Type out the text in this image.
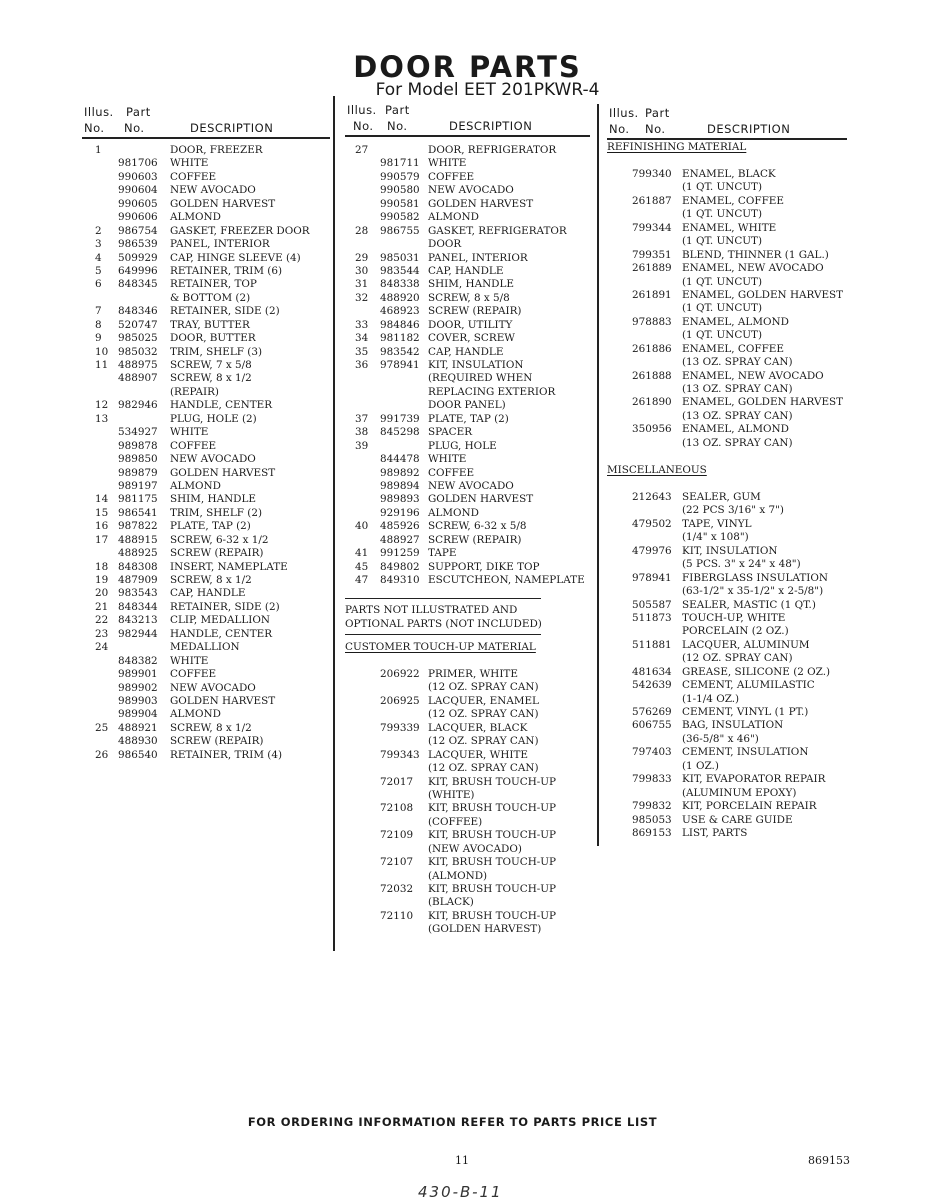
DOOR PARTS
For Model EET 201PKWR-4
Illus. Part
No. No.	DESCRIPTION
1	DOOR, FREEZER
981706 WHITE
990603 COFFEE
990604 NEW AVOCADO
990605 GOLDEN HARVEST
990606 ALMOND
2 986754 GASKET, FREEZER DOOR
3 986539 PANEL, INTERIOR
4 509929 CAP, HINGE SLEEVE (4)
5 649996 RETAINER, TRIM (6)
6 848345 RETAINER, TOP
& BOTTOM (2)
7 848346 RETAINER, SIDE (2)
8 520747 TRAY, BUTTER
9 985025 DOOR, BUTTER
10 985032 TRIM, SHELF (3)
11 488975 SCREW, 7 x 5/8
488907 SCREW, 8 x 1/2
(REPAIR)
12 982946 HANDLE, CENTER
13	PLUG, HOLE (2)
534927 WHITE
989878 COFFEE
989850 NEW AVOCADO
989879 GOLDEN HARVEST
989197 ALMOND
14 981175 SHIM, HANDLE
15 986541 TRIM, SHELF (2)
16 987822 PLATE, TAP (2)
17 488915 SCREW, 6-32 x 1/2
488925 SCREW (REPAIR)
18 848308 INSERT, NAMEPLATE
19 487909 SCREW, 8 x 1/2
20 983543 CAP, HANDLE
21 848344 RETAINER, SIDE (2)
22 843213 CLIP, MEDALLION
23 982944 HANDLE, CENTER
24	MEDALLION
848382 WHITE
989901 COFFEE
989902 NEW AVOCADO
989903 GOLDEN HARVEST
989904 ALMOND
25 488921 SCREW, 8 x 1/2
488930 SCREW (REPAIR)
26 986540 RETAINER, TRIM (4)
Illus. Part
No. No.	DESCRIPTION
27	DOOR, REFRIGERATOR
981711 WHITE
990579 COFFEE
990580 NEW AVOCADO
990581 GOLDEN HARVEST
990582 ALMOND
28 986755 GASKET, REFRIGERATOR
DOOR
29 985031 PANEL, INTERIOR
30 983544 CAP, HANDLE
31 848338 SHIM, HANDLE
32 488920 SCREW, 8 x 5/8
468923 SCREW (REPAIR)
33 984846 DOOR, UTILITY
34 981182 COVER, SCREW
35 983542 CAP, HANDLE
36 978941 KIT, INSULATION
(REQUIRED WHEN
REPLACING EXTERIOR
DOOR PANEL)
37 991739 PLATE, TAP (2)
38 845298 SPACER
39	PLUG, HOLE
844478 WHITE
989892 COFFEE
989894 NEW AVOCADO
989893 GOLDEN HARVEST
929196 ALMOND
40 485926 SCREW, 6-32 x 5/8
488927 SCREW (REPAIR)
41 991259 TAPE
45 849802 SUPPORT, DIKE TOP
47 849310 ESCUTCHEON, NAMEPLATE
PARTS NOT ILLUSTRATED AND
OPTIONAL PARTS (NOT INCLUDED)
CUSTOMER TOUCH-UP MATERIAL
206922 PRIMER, WHITE
(12 OZ. SPRAY CAN)
206925 LACQUER, ENAMEL
(12 OZ. SPRAY CAN)
799339 LACQUER, BLACK
(12 OZ. SPRAY CAN)
799343 LACQUER, WHITE
(12 OZ. SPRAY CAN)
72017 KIT, BRUSH TOUCH-UP
(WHITE)
72108 KIT, BRUSH TOUCH-UP
(COFFEE)
72109 KIT, BRUSH TOUCH-UP
(NEW AVOCADO)
72107 KIT, BRUSH TOUCH-UP
(ALMOND)
72032 KIT, BRUSH TOUCH-UP
(BLACK)
72110 KIT, BRUSH TOUCH-UP
(GOLDEN HARVEST)
Illus. Part
No. No.	DESCRIPTION
REFINISHING MATERIAL
799340 ENAMEL, BLACK
(1 QT. UNCUT)
261887 ENAMEL, COFFEE
(1 QT. UNCUT)
799344 ENAMEL, WHITE
(1 QT. UNCUT)
799351 BLEND, THINNER (1 GAL.)
261889 ENAMEL, NEW AVOCADO
(1 QT. UNCUT)
261891 ENAMEL, GOLDEN HARVEST
(1 QT. UNCUT)
978883 ENAMEL, ALMOND
(1 QT. UNCUT)
261886 ENAMEL, COFFEE
(13 OZ. SPRAY CAN)
261888 ENAMEL, NEW AVOCADO
(13 OZ. SPRAY CAN)
261890 ENAMEL, GOLDEN HARVEST
(13 OZ. SPRAY CAN)
350956 ENAMEL, ALMOND
(13 OZ. SPRAY CAN)
MISCELLANEOUS
212643 SEALER, GUM
(22 PCS 3/16" x 7")
479502 TAPE, VINYL
(1/4" x 108")
479976 KIT, INSULATION
(5 PCS. 3" x 24" x 48")
978941 FIBERGLASS INSULATION
(63-1/2" x 35-1/2" x 2-5/8")
505587 SEALER, MASTIC (1 QT.)
511873 TOUCH-UP, WHITE
PORCELAIN (2 OZ.)
511881 LACQUER, ALUMINUM
(12 OZ. SPRAY CAN)
481634 GREASE, SILICONE (2 OZ.)
542639 CEMENT, ALUMILASTIC
(1-1/4 OZ.)
576269 CEMENT, VINYL (1 PT.)
606755 BAG, INSULATION
(36-5/8" x 46")
797403 CEMENT, INSULATION
(1 OZ.)
799833 KIT, EVAPORATOR REPAIR
(ALUMINUM EPOXY)
799832 KIT, PORCELAIN REPAIR
985053 USE & CARE GUIDE
869153 LIST, PARTS
FOR ORDERING INFORMATION REFER TO PARTS PRICE LIST
11	869153
430-B-11
